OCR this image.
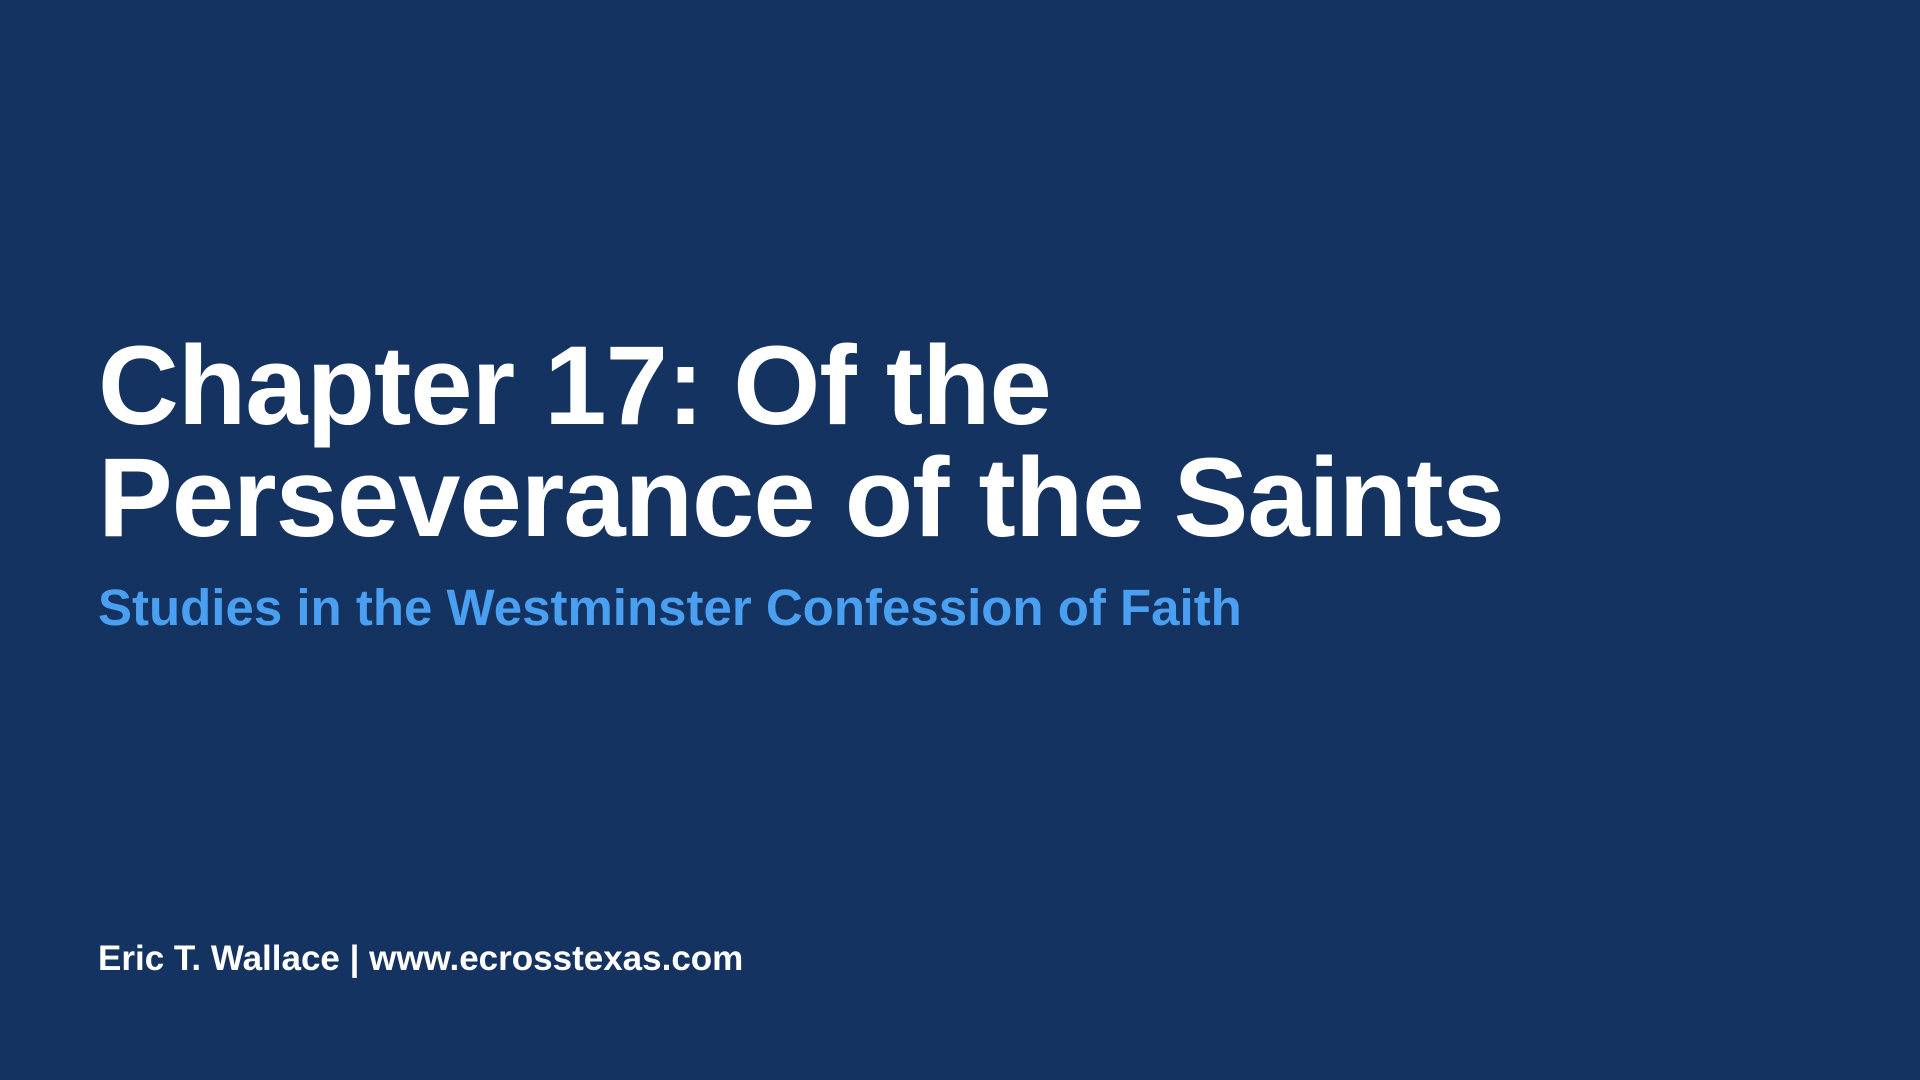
Chapter 17: Of the
Perseverance of the Saints

Studies in the Westminster Confession of Faith

Eric T. Wallace | www.ecrosstexas.com
